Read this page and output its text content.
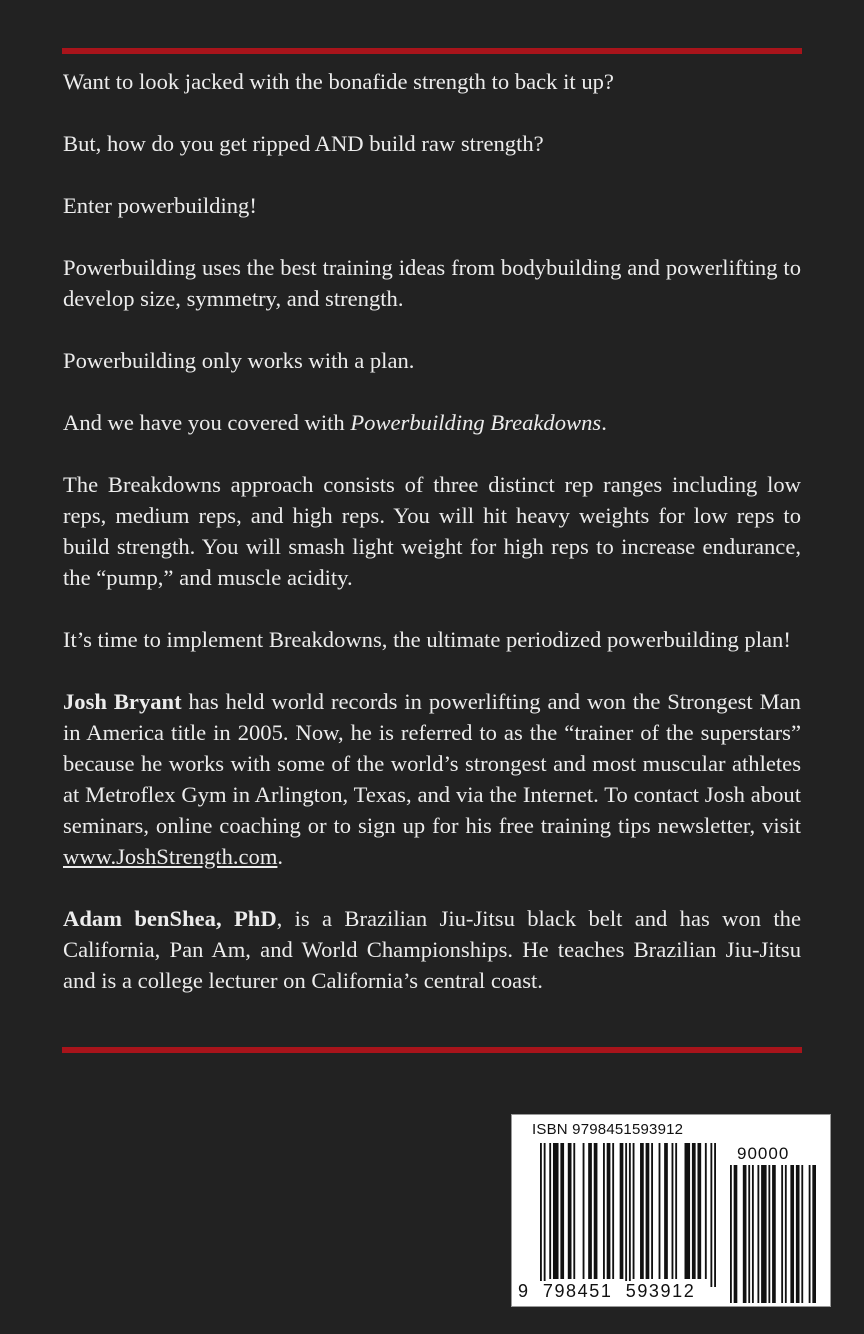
Want to look jacked with the bonafide strength to back it up?

But, how do you get ripped AND build raw strength?

Enter powerbuilding!

Powerbuilding uses the best training ideas from bodybuilding and powerlifting to develop size, symmetry, and strength.

Powerbuilding only works with a plan.

And we have you covered with Powerbuilding Breakdowns.

The Breakdowns approach consists of three distinct rep ranges including low reps, medium reps, and high reps. You will hit heavy weights for low reps to build strength. You will smash light weight for high reps to increase endurance, the “pump,” and muscle acidity.

It’s time to implement Breakdowns, the ultimate periodized powerbuilding plan!

Josh Bryant has held world records in powerlifting and won the Strongest Man in America title in 2005. Now, he is referred to as the “trainer of the superstars” because he works with some of the world’s strongest and most muscular athletes at Metroflex Gym in Arlington, Texas, and via the Internet. To contact Josh about seminars, online coaching or to sign up for his free training tips newsletter, visit www.JoshStrength.com.

Adam benShea, PhD, is a Brazilian Jiu-Jitsu black belt and has won the California, Pan Am, and World Championships. He teaches Brazilian Jiu-Jitsu and is a college lecturer on California’s central coast.

ISBN 9798451593912
90000
9 798451 593912
